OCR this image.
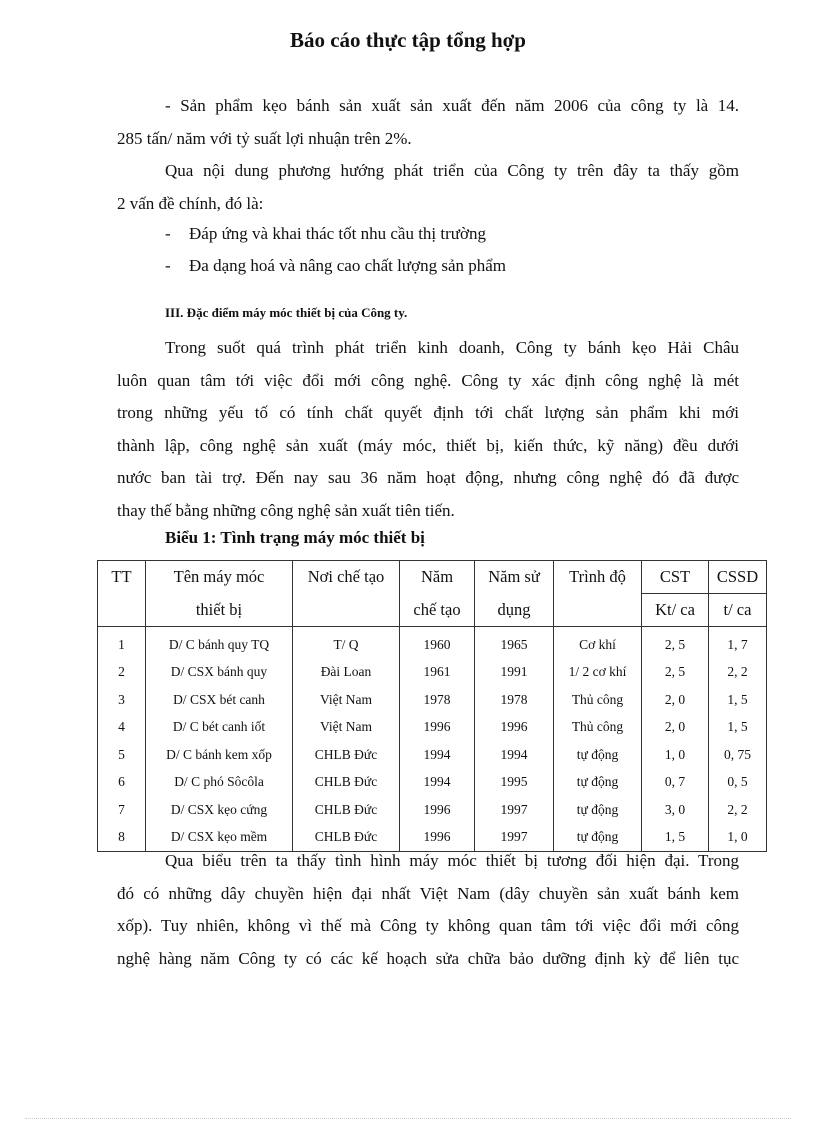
Báo cáo thực tập tổng hợp
- Sản phẩm kẹo bánh sản xuất sản xuất đến năm 2006 của công ty là 14.
285 tấn/ năm với tỷ suất lợi nhuận trên 2%.
Qua nội dung phương hướng phát triển của Công ty trên đây ta thấy gồm
2 vấn đề chính, đó là:
- Đáp ứng và khai thác tốt nhu cầu thị trường
- Đa dạng hoá và nâng cao chất lượng sản phẩm
III. Đặc điểm máy móc thiết bị của Công ty.
Trong suốt quá trình phát triển kinh doanh, Công ty bánh kẹo Hải Châu
luôn quan tâm tới việc đổi mới công nghệ. Công ty xác định công nghệ là mét
trong những yếu tố có tính chất quyết định tới chất lượng sản phẩm khi mới
thành lập, công nghệ sản xuất (máy móc, thiết bị, kiến thức, kỹ năng) đều dưới
nước ban tài trợ. Đến nay sau 36 năm hoạt động, nhưng công nghệ đó đã được
thay thế bằng những công nghệ sản xuất tiên tiến.
Biểu 1: Tình trạng máy móc thiết bị
TT	Tên máy móc	Nơi chế tạo	Năm	Năm sử	Trình độ	CST	CSSD
	thiết bị		chế tạo	dụng		Kt/ ca	t/ ca
1	D/ C bánh quy TQ	T/ Q	1960	1965	Cơ khí	2, 5	1, 7
2	D/ CSX bánh quy	Đài Loan	1961	1991	1/ 2 cơ khí	2, 5	2, 2
3	D/ CSX bét canh	Việt Nam	1978	1978	Thủ công	2, 0	1, 5
4	D/ C bét canh iốt	Việt Nam	1996	1996	Thủ công	2, 0	1, 5
5	D/ C bánh kem xốp	CHLB Đức	1994	1994	tự động	1, 0	0, 75
6	D/ C phó Sôcôla	CHLB Đức	1994	1995	tự động	0, 7	0, 5
7	D/ CSX kẹo cứng	CHLB Đức	1996	1997	tự động	3, 0	2, 2
8	D/ CSX kẹo mềm	CHLB Đức	1996	1997	tự động	1, 5	1, 0
Qua biểu trên ta thấy tình hình máy móc thiết bị tương đối hiện đại. Trong
đó có những dây chuyền hiện đại nhất Việt Nam (dây chuyền sản xuất bánh kem
xốp). Tuy nhiên, không vì thế mà Công ty không quan tâm tới việc đổi mới công
nghệ hàng năm Công ty có các kế hoạch sửa chữa bảo dưỡng định kỳ để liên tục
